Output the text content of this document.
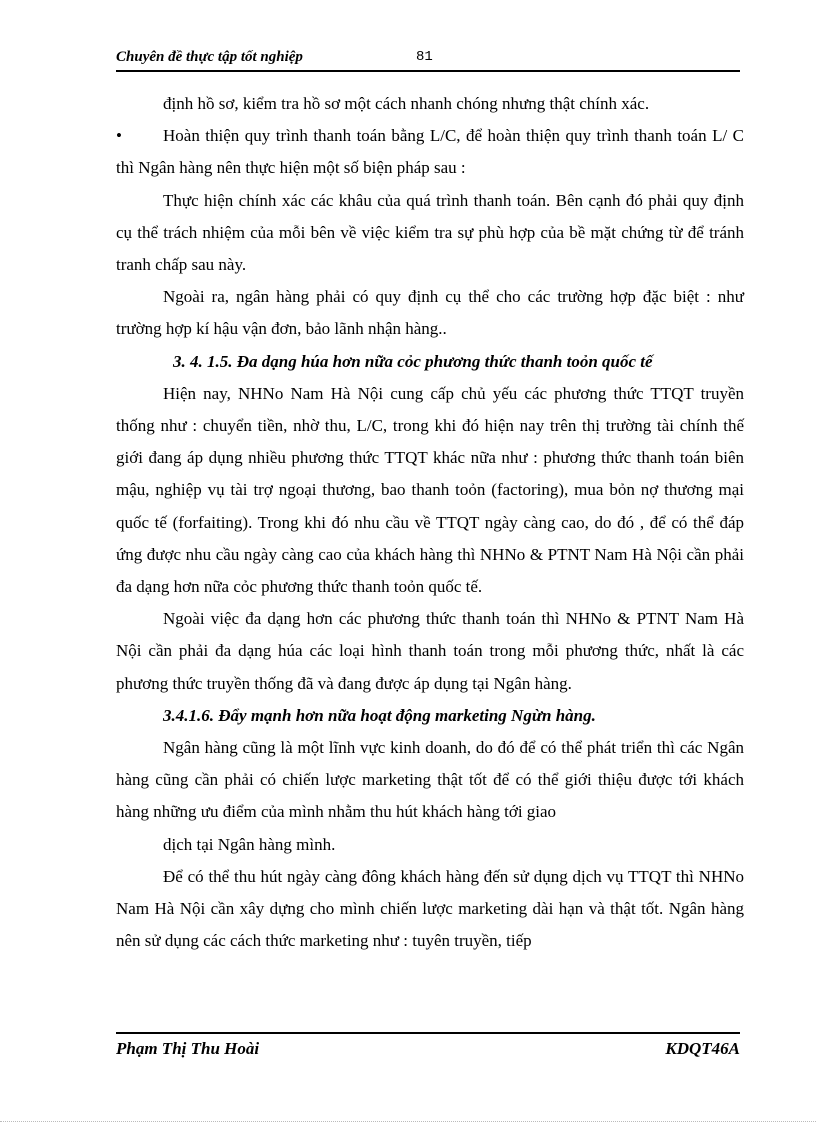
Chuyên đề thực tập tốt nghiệp	81

định hồ sơ, kiểm tra hồ sơ một cách nhanh chóng nhưng thật chính xác.

•	Hoàn thiện quy trình thanh toán bằng L/C, để hoàn thiện quy trình thanh toán L/ C thì Ngân hàng nên thực hiện một số biện pháp sau :

Thực hiện chính xác các khâu của quá trình thanh toán. Bên cạnh đó phải quy định cụ thể trách nhiệm của mỗi bên về việc kiểm tra sự phù hợp của bề mặt chứng từ để tránh tranh chấp sau này.

Ngoài ra, ngân hàng phải có quy định cụ thể cho các trường hợp đặc biệt : như trường hợp kí hậu vận đơn, bảo lãnh nhận hàng..

3. 4. 1.5. Đa dạng húa hơn nữa cỏc phương thức thanh toỏn quốc tế

Hiện nay, NHNo Nam Hà Nội cung cấp chủ yếu các phương thức TTQT truyền thống như : chuyển tiền, nhờ thu, L/C, trong khi đó hiện nay trên thị trường tài chính thế giới đang áp dụng nhiều phương thức TTQT khác nữa như : phương thức thanh toán biên mậu, nghiệp vụ tài trợ ngoại thương, bao thanh toỏn (factoring), mua bỏn nợ thương mại quốc tế (forfaiting). Trong khi đó nhu cầu về TTQT ngày càng cao, do đó , để có thể đáp ứng được nhu cầu ngày càng cao của khách hàng thì NHNo & PTNT Nam Hà Nội cần phải đa dạng hơn nữa cỏc phương thức thanh toỏn quốc tế.

Ngoài việc đa dạng hơn các phương thức thanh toán thì NHNo & PTNT Nam Hà Nội cần phải đa dạng húa các loại hình thanh toán trong mỗi phương thức, nhất là các phương thức truyền thống đã và đang được áp dụng tại Ngân hàng.

3.4.1.6. Đẩy mạnh hơn nữa hoạt động marketing Ngừn hàng.

Ngân hàng cũng là một lĩnh vực kinh doanh, do đó để có thể phát triển thì các Ngân hàng cũng cần phải có chiến lược marketing thật tốt để có thể giới thiệu được tới khách hàng những ưu điểm của mình nhằm thu hút khách hàng tới giao

dịch tại Ngân hàng mình.

Để có thể thu hút ngày càng đông khách hàng đến sử dụng dịch vụ TTQT thì NHNo Nam Hà Nội cần xây dựng cho mình chiến lược marketing dài hạn và thật tốt. Ngân hàng nên sử dụng các cách thức marketing như : tuyên truyền, tiếp

Phạm Thị Thu Hoài	KDQT46A
